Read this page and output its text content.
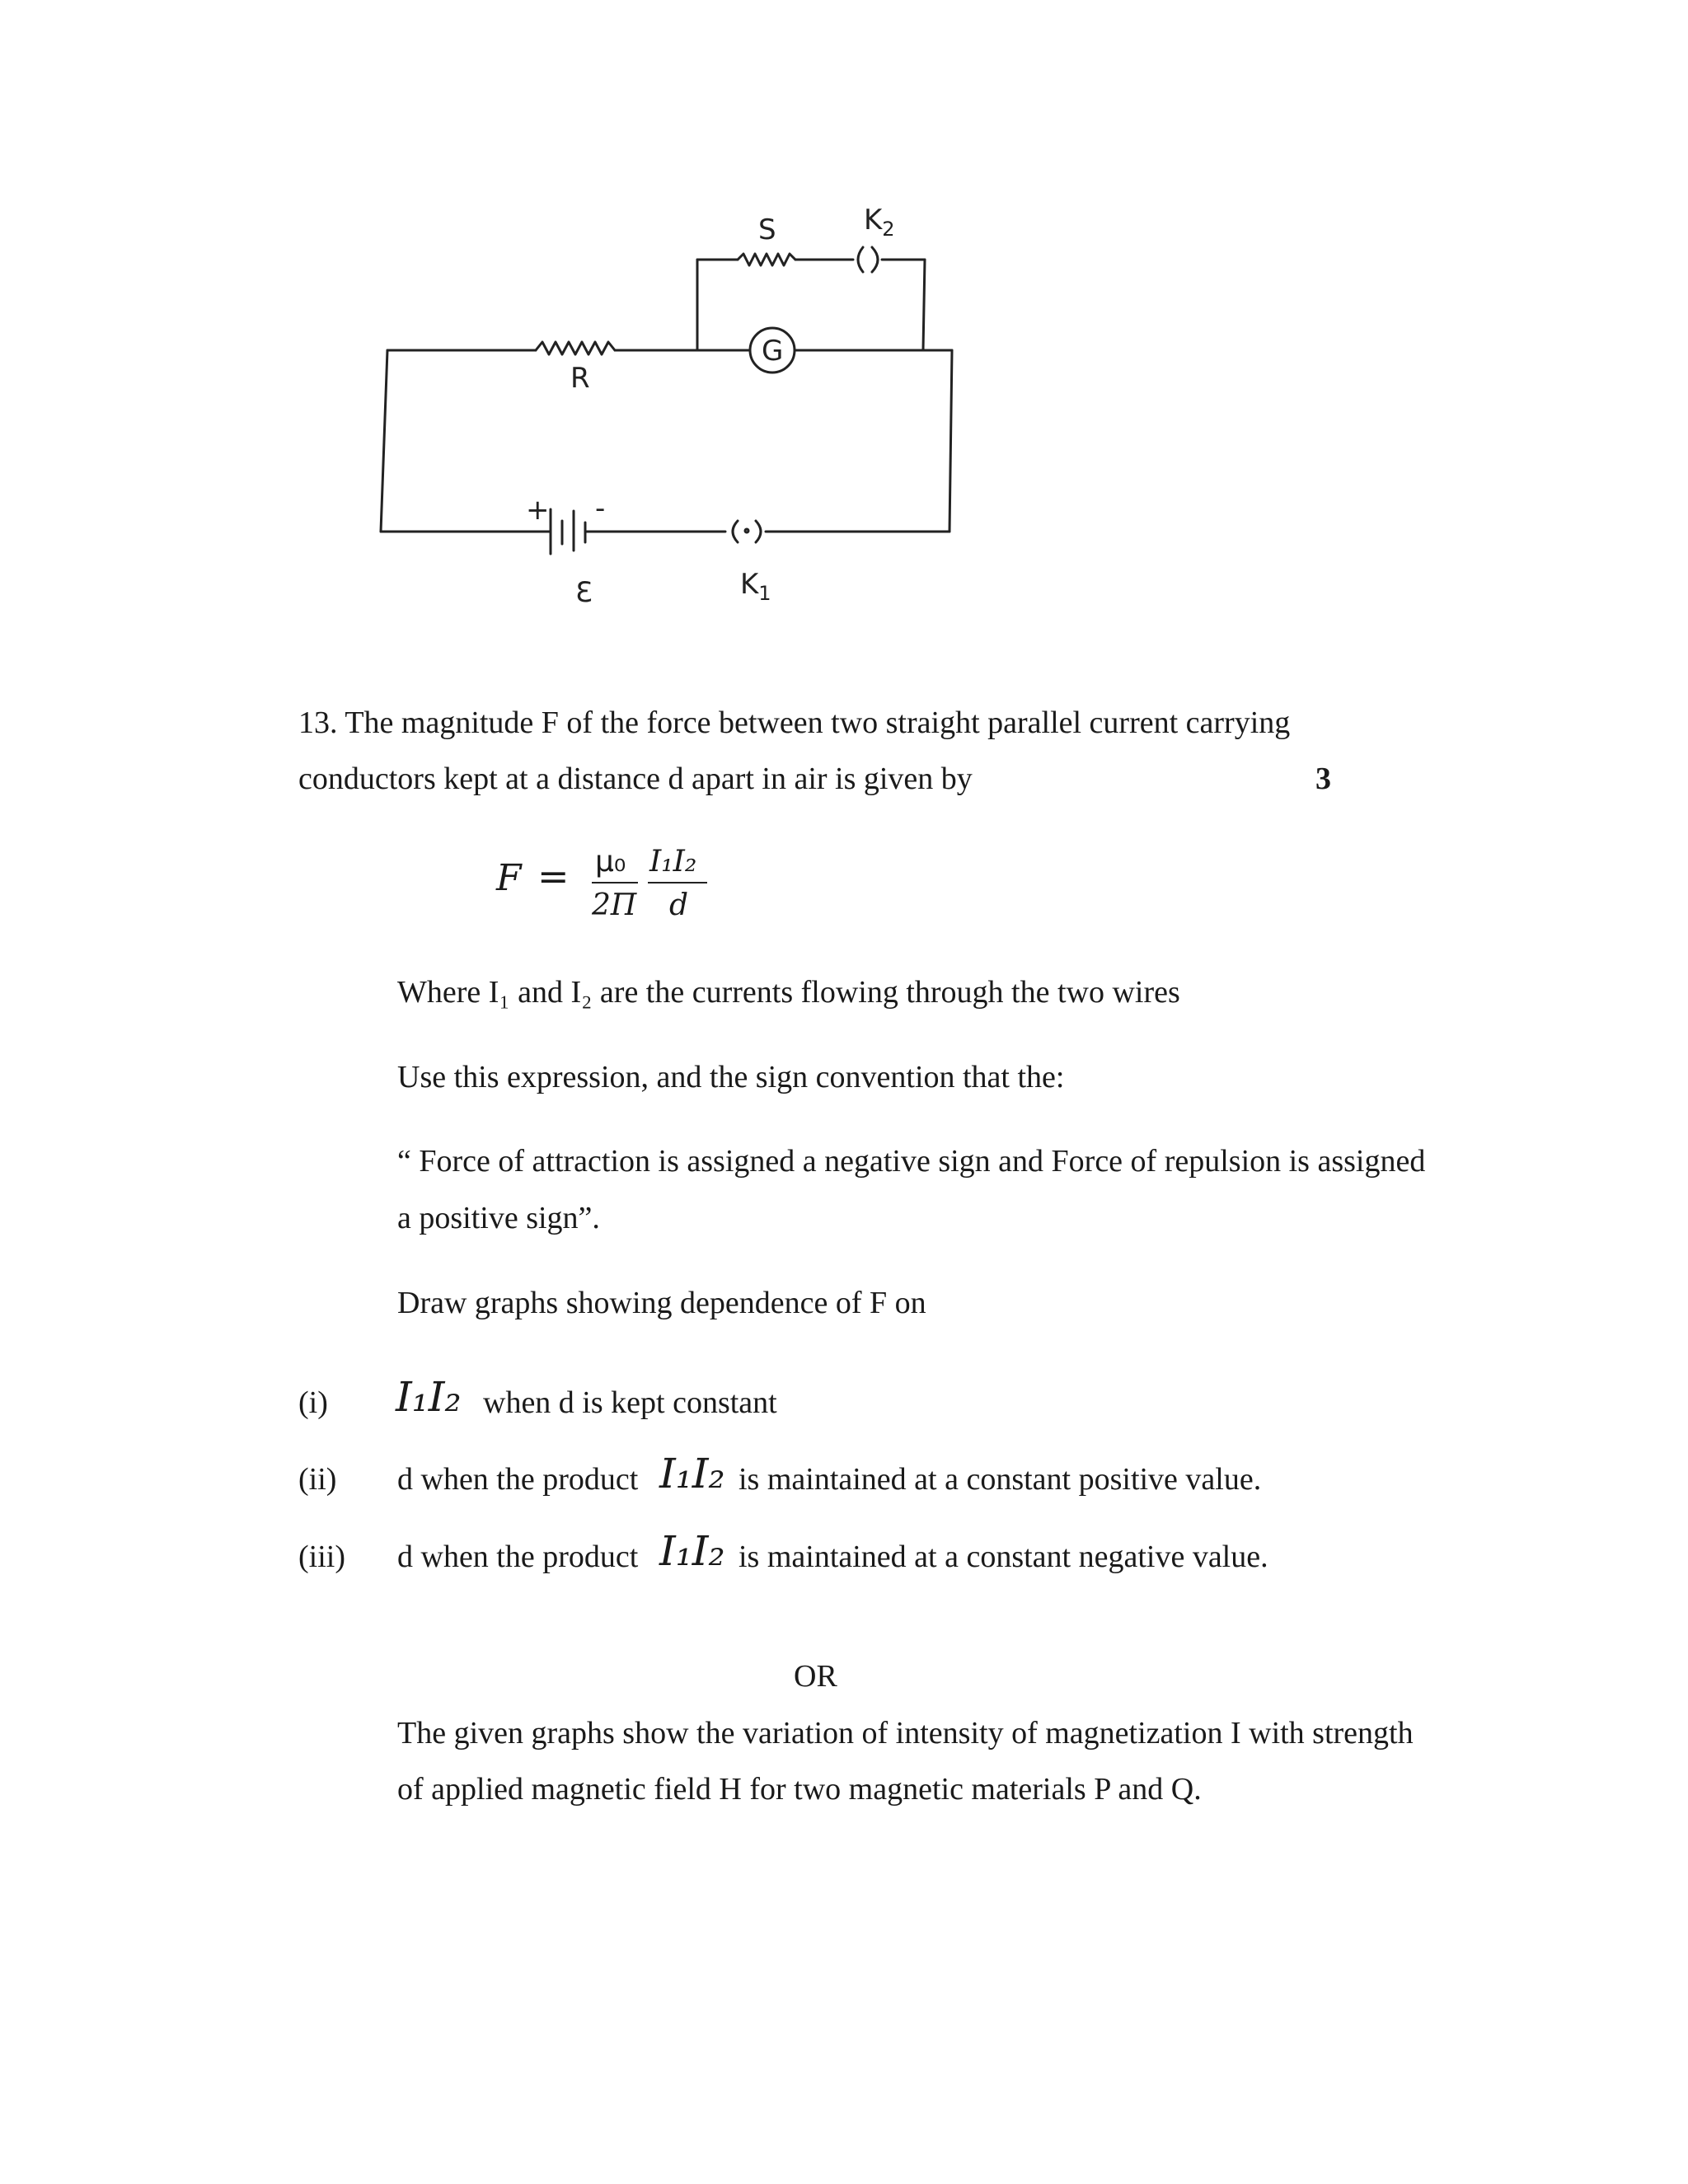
S	$K_2$
R
G
+ -
Ɛ	$K_1$
13. The magnitude F of the force between two straight parallel current carrying
conductors kept at a distance d apart in air is given by	3
F = μ₀
2Π
I₁I₂
d
Where I₁ and I₂ are the currents flowing through the two wires
Use this expression, and the sign convention that the:
“ Force of attraction is assigned a negative sign and Force of repulsion is assigned
a positive sign”.
Draw graphs showing dependence of F on
(i) I₁I₂ when d is kept constant
(ii) d when the product I₁I₂ is maintained at a constant positive value.
(iii) d when the product I₁I₂ is maintained at a constant negative value.
OR
The given graphs show the variation of intensity of magnetization I with strength
of applied magnetic field H for two magnetic materials P and Q.
